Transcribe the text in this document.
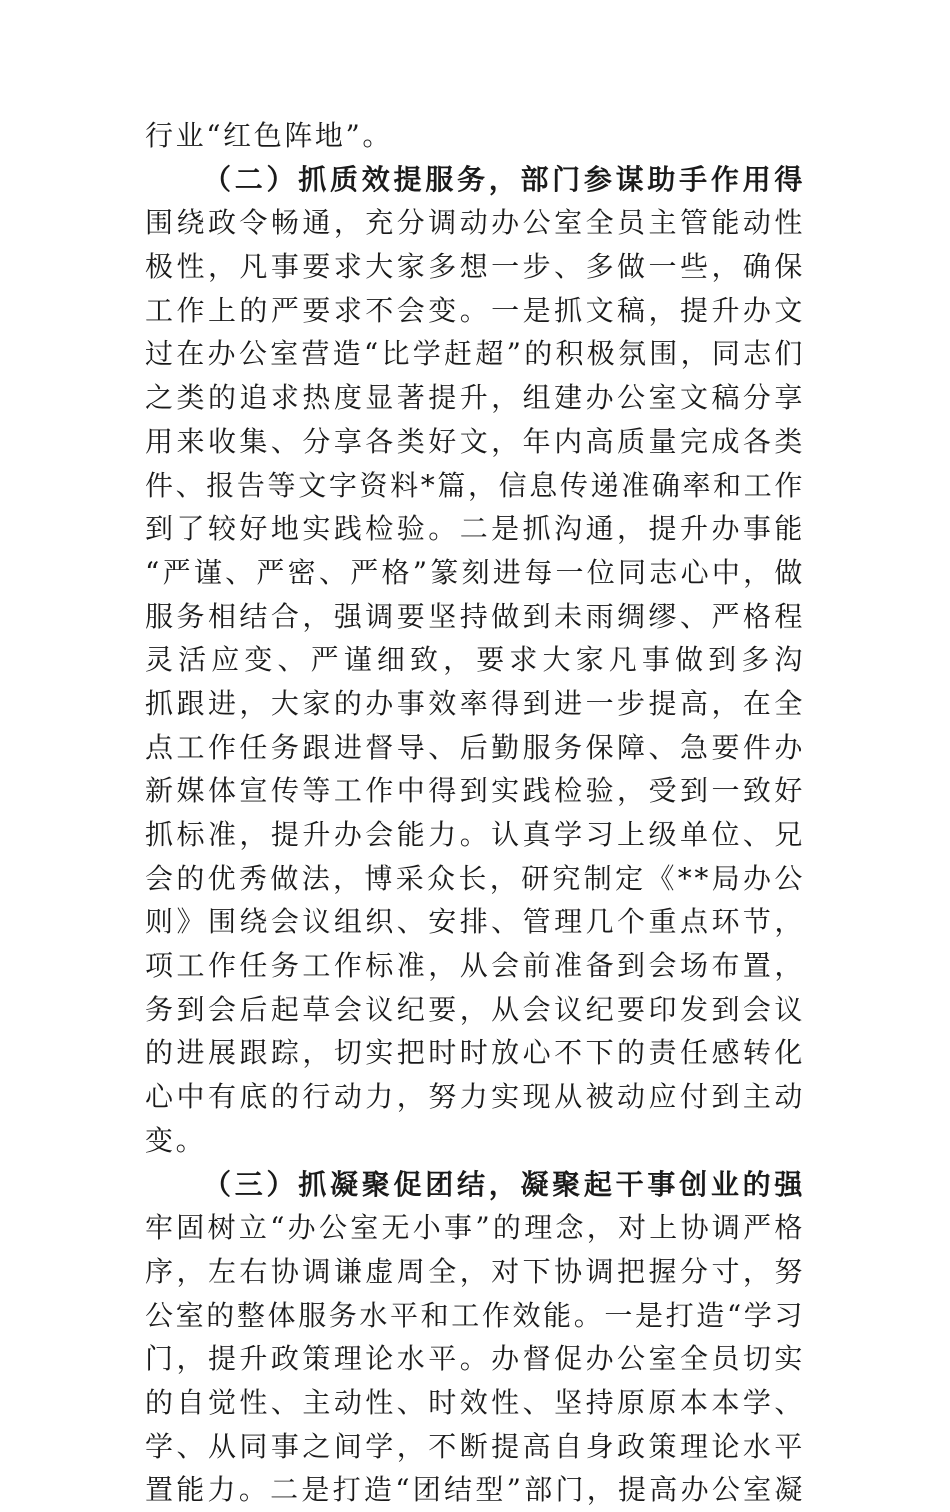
行业“红色阵地”。
（二）抓质效提服务，部门参谋助手作用得
围绕政令畅通，充分调动办公室全员主管能动性
极性，凡事要求大家多想一步、多做一些，确保
工作上的严要求不会变。一是抓文稿，提升办文
过在办公室营造“比学赶超”的积极氛围，同志们
之类的追求热度显著提升，组建办公室文稿分享
用来收集、分享各类好文，年内高质量完成各类
件、报告等文字资料*篇，信息传递准确率和工作
到了较好地实践检验。二是抓沟通，提升办事能
“严谨、严密、严格”篆刻进每一位同志心中，做
服务相结合，强调要坚持做到未雨绸缪、严格程
灵活应变、严谨细致，要求大家凡事做到多沟
抓跟进，大家的办事效率得到进一步提高，在全
点工作任务跟进督导、后勤服务保障、急要件办
新媒体宣传等工作中得到实践检验，受到一致好
抓标准，提升办会能力。认真学习上级单位、兄
会的优秀做法，博采众长，研究制定《**局办公
则》围绕会议组织、安排、管理几个重点环节，
项工作任务工作标准，从会前准备到会场布置，
务到会后起草会议纪要，从会议纪要印发到会议
的进展跟踪，切实把时时放心不下的责任感转化
心中有底的行动力，努力实现从被动应付到主动
变。
（三）抓凝聚促团结，凝聚起干事创业的强
牢固树立“办公室无小事”的理念，对上协调严格
序，左右协调谦虚周全，对下协调把握分寸，努
公室的整体服务水平和工作效能。一是打造“学习
门，提升政策理论水平。办督促办公室全员切实
的自觉性、主动性、时效性、坚持原原本本学、
学、从同事之间学，不断提高自身政策理论水平
置能力。二是打造“团结型”部门，提高办公室凝
